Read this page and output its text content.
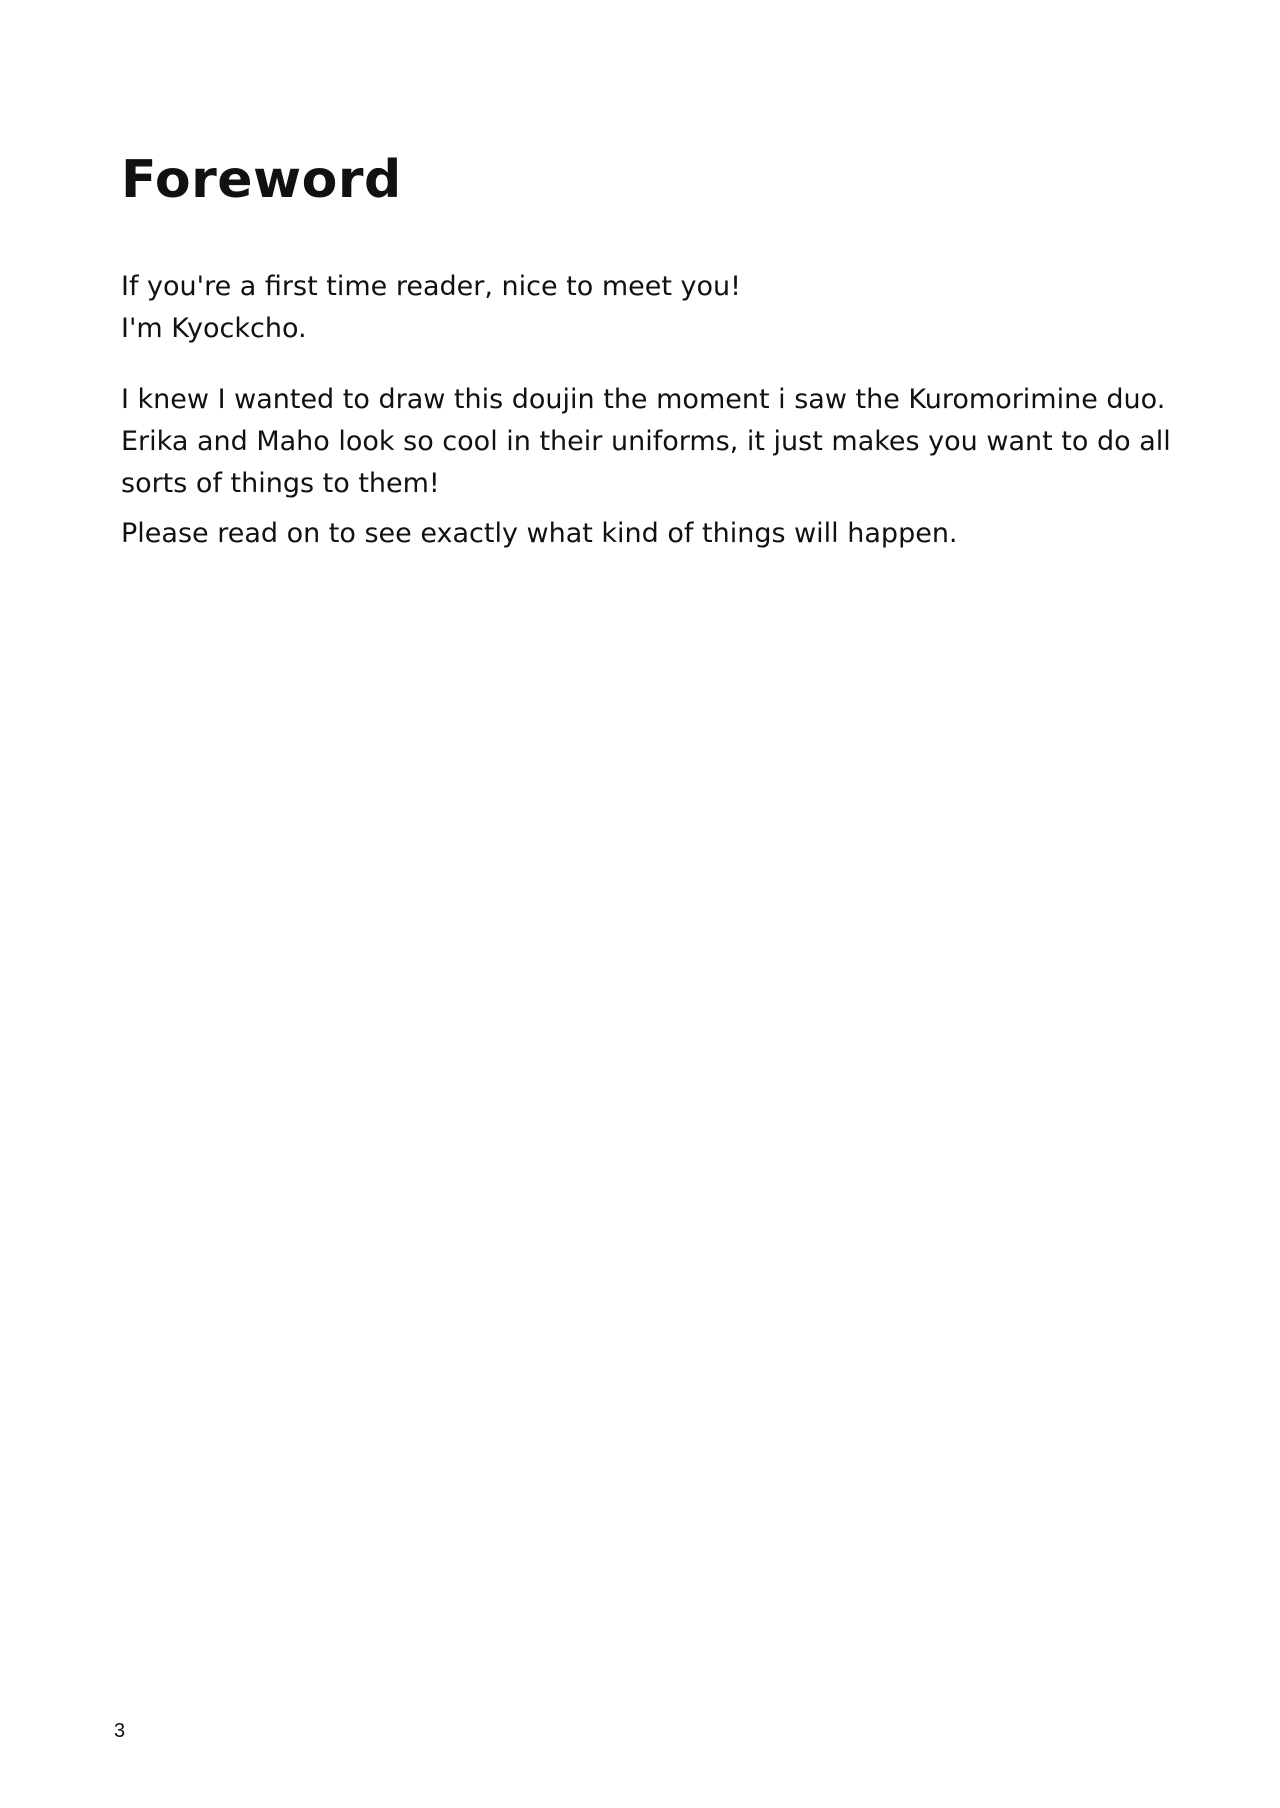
Foreword

If you're a first time reader, nice to meet you!

I'm Kyockcho.

I knew I wanted to draw this doujin the moment i saw the Kuromorimine duo.

Erika and Maho look so cool in their uniforms, it just makes you want to do all

sorts of things to them!

Please read on to see exactly what kind of things will happen.

3
